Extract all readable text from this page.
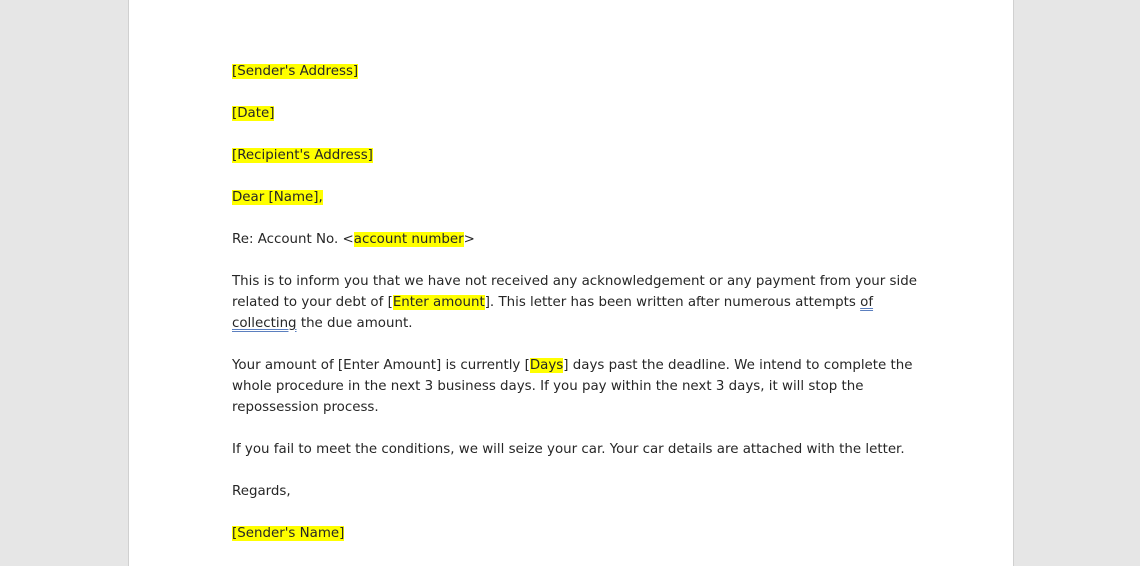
[Sender's Address]

[Date]

[Recipient's Address]

Dear [Name],

Re: Account No. <account number>

This is to inform you that we have not received any acknowledgement or any payment from your side related to your debt of [Enter amount]. This letter has been written after numerous attempts of collecting the due amount.

Your amount of [Enter Amount] is currently [Days] days past the deadline. We intend to complete the whole procedure in the next 3 business days. If you pay within the next 3 days, it will stop the repossession process.

If you fail to meet the conditions, we will seize your car. Your car details are attached with the letter.

Regards,

[Sender's Name]
